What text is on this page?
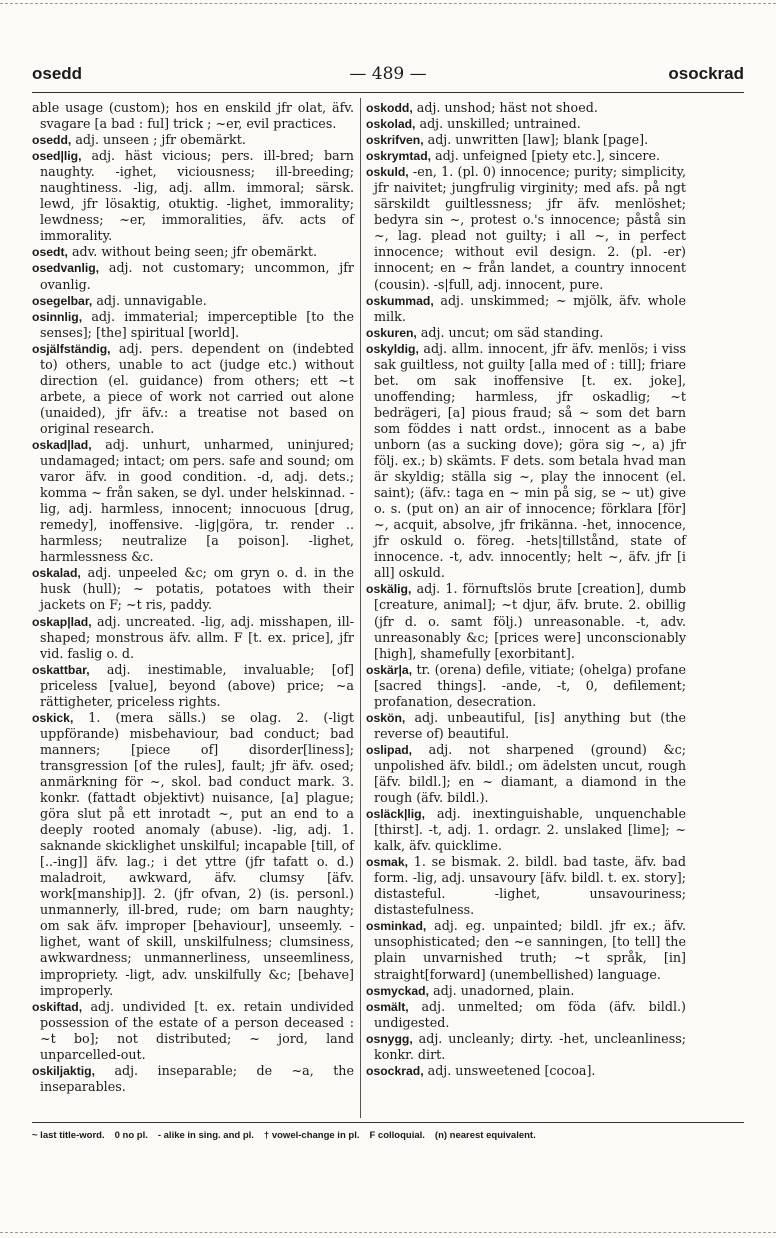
osedd	— 489 —	osockrad

able usage (custom); hos en enskild jfr olat, äfv. svagare [a bad : ful] trick ; ~er, evil practices.

osedd, adj. unseen ; jfr obemärkt.

osed|lig, adj. häst vicious; pers. ill-bred; barn naughty. -ighet, viciousness; ill-breeding; naughtiness. -lig, adj. allm. immoral; särsk. lewd, jfr lösaktig, otuktig. -lighet, immorality; lewdness; ~er, immoralities, äfv. acts of immorality.

osedt, adv. without being seen; jfr obemärkt.

osedvanlig, adj. not customary; uncommon, jfr ovanlig.

osegelbar, adj. unnavigable.

osinnlig, adj. immaterial; imperceptible [to the senses]; [the] spiritual [world].

osjälfständig, adj. pers. dependent on (indebted to) others, unable to act (judge etc.) without direction (el. guidance) from others; ett ~t arbete, a piece of work not carried out alone (unaided), jfr äfv.: a treatise not based on original research.

oskad|lad, adj. unhurt, unharmed, uninjured; undamaged; intact; om pers. safe and sound; om varor äfv. in good condition. -d, adj. dets.; komma ~ från saken, se dyl. under helskinnad. -lig, adj. harmless, innocent; innocuous [drug, remedy], inoffensive. -lig|göra, tr. render .. harmless; neutralize [a poison]. -lighet, harmlessness &c.

oskalad, adj. unpeeled &c; om gryn o. d. in the husk (hull); ~ potatis, potatoes with their jackets on F; ~t ris, paddy.

oskap|lad, adj. uncreated. -lig, adj. misshapen, ill-shaped; monstrous äfv. allm. F [t. ex. price], jfr vid. faslig o. d.

oskattbar, adj. inestimable, invaluable; [of] priceless [value], beyond (above) price; ~a rättigheter, priceless rights.

oskick, 1. (mera sälls.) se olag. 2. (-ligt uppförande) misbehaviour, bad conduct; bad manners; [piece of] disorder[liness]; transgression [of the rules], fault; jfr äfv. osed; anmärkning för ~, skol. bad conduct mark. 3. konkr. (fattadt objektivt) nuisance, [a] plague; göra slut på ett inrotadt ~, put an end to a deeply rooted anomaly (abuse). -lig, adj. 1. saknande skicklighet unskilful; incapable [till, of [..-ing]] äfv. lag.; i det yttre (jfr tafatt o. d.) maladroit, awkward, äfv. clumsy [äfv. work[manship]]. 2. (jfr ofvan, 2) (is. personl.) unmannerly, ill-bred, rude; om barn naughty; om sak äfv. improper [behaviour], unseemly. -lighet, want of skill, unskilfulness; clumsiness, awkwardness; unmannerliness, unseemliness, impropriety. -ligt, adv. unskilfully &c; [behave] improperly.

oskiftad, adj. undivided [t. ex. retain undivided possession of the estate of a person deceased : ~t bo]; not distributed; ~ jord, land unparcelled-out.

oskiljaktig, adj. inseparable; de ~a, the inseparables.

oskodd, adj. unshod; häst not shoed.

oskolad, adj. unskilled; untrained.

oskrifven, adj. unwritten [law]; blank [page].

oskrymtad, adj. unfeigned [piety etc.], sincere.

oskuld, -en, 1. (pl. 0) innocence; purity; simplicity, jfr naivitet; jungfrulig virginity; med afs. på ngt särskildt guiltlessness; jfr äfv. menlöshet; bedyra sin ~, protest o.'s innocence; påstå sin ~, lag. plead not guilty; i all ~, in perfect innocence; without evil design. 2. (pl. -er) innocent; en ~ från landet, a country innocent (cousin). -s|full, adj. innocent, pure.

oskummad, adj. unskimmed; ~ mjölk, äfv. whole milk.

oskuren, adj. uncut; om säd standing.

oskyldig, adj. allm. innocent, jfr äfv. menlös; i viss sak guiltless, not guilty [alla med of : till]; friare bet. om sak inoffensive [t. ex. joke], unoffending; harmless, jfr oskadlig; ~t bedrägeri, [a] pious fraud; så ~ som det barn som föddes i natt ordst., innocent as a babe unborn (as a sucking dove); göra sig ~, a) jfr följ. ex.; b) skämts. F dets. som betala hvad man är skyldig; ställa sig ~, play the innocent (el. saint); (äfv.: taga en ~ min på sig, se ~ ut) give o. s. (put on) an air of innocence; förklara [för] ~, acquit, absolve, jfr frikänna. -het, innocence, jfr oskuld o. föreg. -hets|tillstånd, state of innocence. -t, adv. innocently; helt ~, äfv. jfr [i all] oskuld.

oskälig, adj. 1. förnuftslös brute [creation], dumb [creature, animal]; ~t djur, äfv. brute. 2. obillig (jfr d. o. samt följ.) unreasonable. -t, adv. unreasonably &c; [prices were] unconscionably [high], shamefully [exorbitant].

oskär|a, tr. (orena) defile, vitiate; (ohelga) profane [sacred things]. -ande, -t, 0, defilement; profanation, desecration.

oskön, adj. unbeautiful, [is] anything but (the reverse of) beautiful.

oslipad, adj. not sharpened (ground) &c; unpolished äfv. bildl.; om ädelsten uncut, rough [äfv. bildl.]; en ~ diamant, a diamond in the rough (äfv. bildl.).

osläck|lig, adj. inextinguishable, unquenchable [thirst]. -t, adj. 1. ordagr. 2. unslaked [lime]; ~ kalk, äfv. quicklime.

osmak, 1. se bismak. 2. bildl. bad taste, äfv. bad form. -lig, adj. unsavoury [äfv. bildl. t. ex. story]; distasteful. -lighet, unsavouriness; distastefulness.

osminkad, adj. eg. unpainted; bildl. jfr ex.; äfv. unsophisticated; den ~e sanningen, [to tell] the plain unvarnished truth; ~t språk, [in] straight[forward] (unembellished) language.

osmyckad, adj. unadorned, plain.

osmält, adj. unmelted; om föda (äfv. bildl.) undigested.

osnygg, adj. uncleanly; dirty. -het, uncleanliness; konkr. dirt.

osockrad, adj. unsweetened [cocoa].

~ last title-word. 0 no pl. - alike in sing. and pl. † vowel-change in pl. F colloquial. (n) nearest equivalent.
